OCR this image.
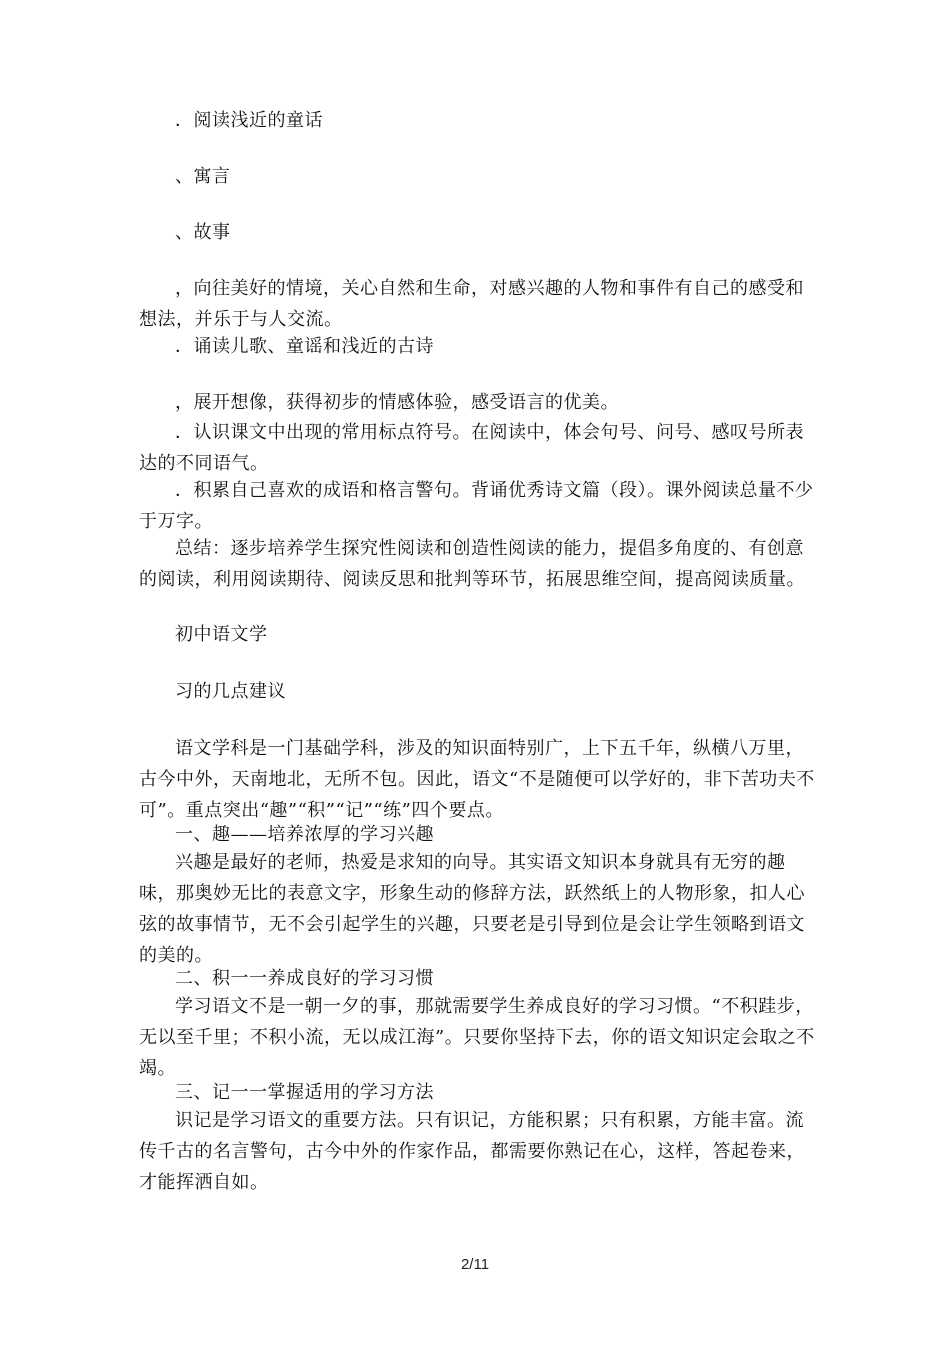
．阅读浅近的童话

、寓言

、故事

，向往美好的情境，关心自然和生命，对感兴趣的人物和事件有自己的感受和想法，并乐于与人交流。

．诵读儿歌、童谣和浅近的古诗

，展开想像，获得初步的情感体验，感受语言的优美。

．认识课文中出现的常用标点符号。在阅读中，体会句号、问号、感叹号所表达的不同语气。

．积累自己喜欢的成语和格言警句。背诵优秀诗文篇（段）。课外阅读总量不少于万字。

总结：逐步培养学生探究性阅读和创造性阅读的能力，提倡多角度的、有创意的阅读，利用阅读期待、阅读反思和批判等环节，拓展思维空间，提高阅读质量。

初中语文学

习的几点建议

语文学科是一门基础学科，涉及的知识面特别广，上下五千年，纵横八万里，古今中外，天南地北，无所不包。因此，语文“不是随便可以学好的，非下苦功夫不可”。重点突出“趣”“积”“记”“练”四个要点。

一、趣——培养浓厚的学习兴趣

兴趣是最好的老师，热爱是求知的向导。其实语文知识本身就具有无穷的趣味，那奥妙无比的表意文字，形象生动的修辞方法，跃然纸上的人物形象，扣人心弦的故事情节，无不会引起学生的兴趣，只要老是引导到位是会让学生领略到语文的美的。

二、积一一养成良好的学习习惯

学习语文不是一朝一夕的事，那就需要学生养成良好的学习习惯。“不积跬步，无以至千里；不积小流，无以成江海”。只要你坚持下去，你的语文知识定会取之不竭。

三、记一一掌握适用的学习方法

识记是学习语文的重要方法。只有识记，方能积累；只有积累，方能丰富。流传千古的名言警句，古今中外的作家作品，都需要你熟记在心，这样，答起卷来，才能挥洒自如。

2/11
